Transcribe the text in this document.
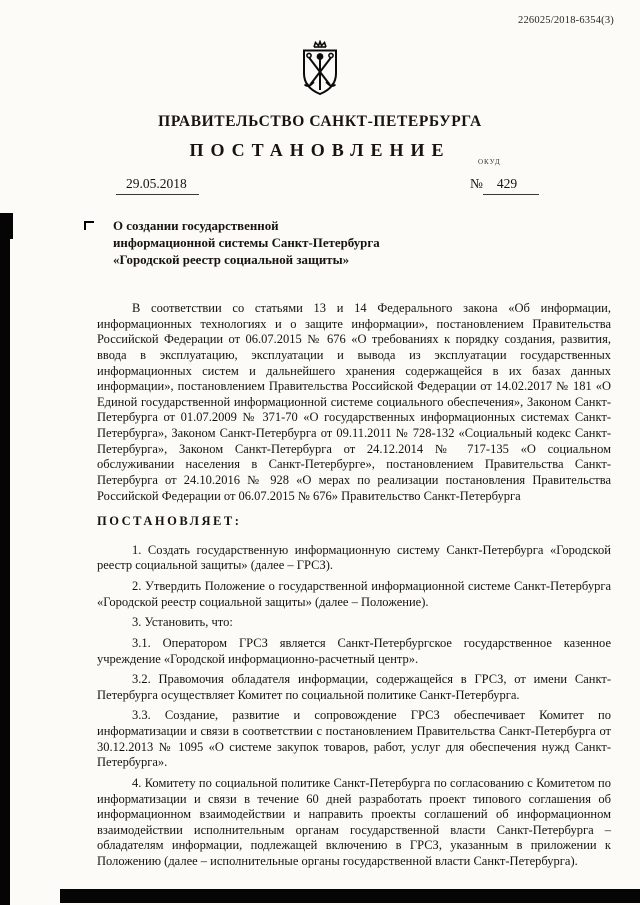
226025/2018-6354(3)
ПРАВИТЕЛЬСТВО САНКТ-ПЕТЕРБУРГА
ПОСТАНОВЛЕНИЕ
ОКУД
29.05.2018	№ 429
О создании государственной
информационной системы Санкт-Петербурга
«Городской реестр социальной защиты»

В соответствии со статьями 13 и 14 Федерального закона «Об информации, информационных технологиях и о защите информации», постановлением Правительства Российской Федерации от 06.07.2015 № 676 «О требованиях к порядку создания, развития, ввода в эксплуатацию, эксплуатации и вывода из эксплуатации государственных информационных систем и дальнейшего хранения содержащейся в их базах данных информации», постановлением Правительства Российской Федерации от 14.02.2017 № 181 «О Единой государственной информационной системе социального обеспечения», Законом Санкт-Петербурга от 01.07.2009 № 371-70 «О государственных информационных системах Санкт-Петербурга», Законом Санкт-Петербурга от 09.11.2011 № 728-132 «Социальный кодекс Санкт-Петербурга», Законом Санкт-Петербурга от 24.12.2014 № 717-135 «О социальном обслуживании населения в Санкт-Петербурге», постановлением Правительства Санкт-Петербурга от 24.10.2016 № 928 «О мерах по реализации постановления Правительства Российской Федерации от 06.07.2015 № 676» Правительство Санкт-Петербурга

ПОСТАНОВЛЯЕТ:

1. Создать государственную информационную систему Санкт-Петербурга «Городской реестр социальной защиты» (далее – ГРСЗ).

2. Утвердить Положение о государственной информационной системе Санкт-Петербурга «Городской реестр социальной защиты» (далее – Положение).

3. Установить, что:

3.1. Оператором ГРСЗ является Санкт-Петербургское государственное казенное учреждение «Городской информационно-расчетный центр».

3.2. Правомочия обладателя информации, содержащейся в ГРСЗ, от имени Санкт-Петербурга осуществляет Комитет по социальной политике Санкт-Петербурга.

3.3. Создание, развитие и сопровождение ГРСЗ обеспечивает Комитет по информатизации и связи в соответствии с постановлением Правительства Санкт-Петербурга от 30.12.2013 № 1095 «О системе закупок товаров, работ, услуг для обеспечения нужд Санкт-Петербурга».

4. Комитету по социальной политике Санкт-Петербурга по согласованию с Комитетом по информатизации и связи в течение 60 дней разработать проект типового соглашения об информационном взаимодействии и направить проекты соглашений об информационном взаимодействии исполнительным органам государственной власти Санкт-Петербурга – обладателям информации, подлежащей включению в ГРСЗ, указанным в приложении к Положению (далее – исполнительные органы государственной власти Санкт-Петербурга).
